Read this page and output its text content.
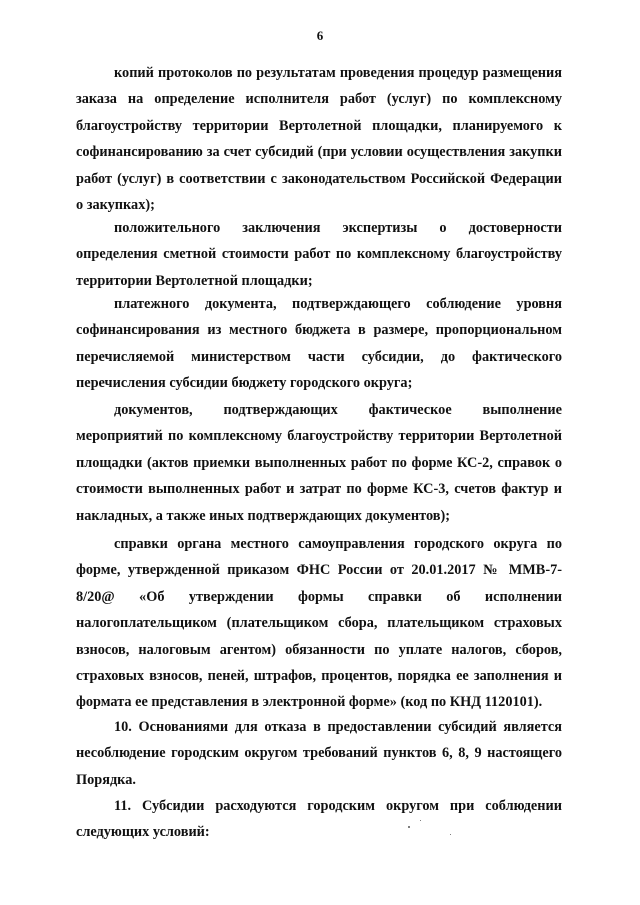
6

копий протоколов по результатам проведения процедур размещения заказа на определение исполнителя работ (услуг) по комплексному благоустройству территории Вертолетной площадки, планируемого к софинансированию за счет субсидий (при условии осуществления закупки работ (услуг) в соответствии с законодательством Российской Федерации о закупках);

положительного заключения экспертизы о достоверности определения сметной стоимости работ по комплексному благоустройству территории Вертолетной площадки;

платежного документа, подтверждающего соблюдение уровня софинансирования из местного бюджета в размере, пропорциональном перечисляемой министерством части субсидии, до фактического перечисления субсидии бюджету городского округа;

документов, подтверждающих фактическое выполнение мероприятий по комплексному благоустройству территории Вертолетной площадки (актов приемки выполненных работ по форме КС-2, справок о стоимости выполненных работ и затрат по форме КС-3, счетов фактур и накладных, а также иных подтверждающих документов);

справки органа местного самоуправления городского округа по форме, утвержденной приказом ФНС России от 20.01.2017 № ММВ-7-8/20@ «Об утверждении формы справки об исполнении налогоплательщиком (плательщиком сбора, плательщиком страховых взносов, налоговым агентом) обязанности по уплате налогов, сборов, страховых взносов, пеней, штрафов, процентов, порядка ее заполнения и формата ее представления в электронной форме» (код по КНД 1120101).

10. Основаниями для отказа в предоставлении субсидий является несоблюдение городским округом требований пунктов 6, 8, 9 настоящего Порядка.

11. Субсидии расходуются городским округом при соблюдении следующих условий:
